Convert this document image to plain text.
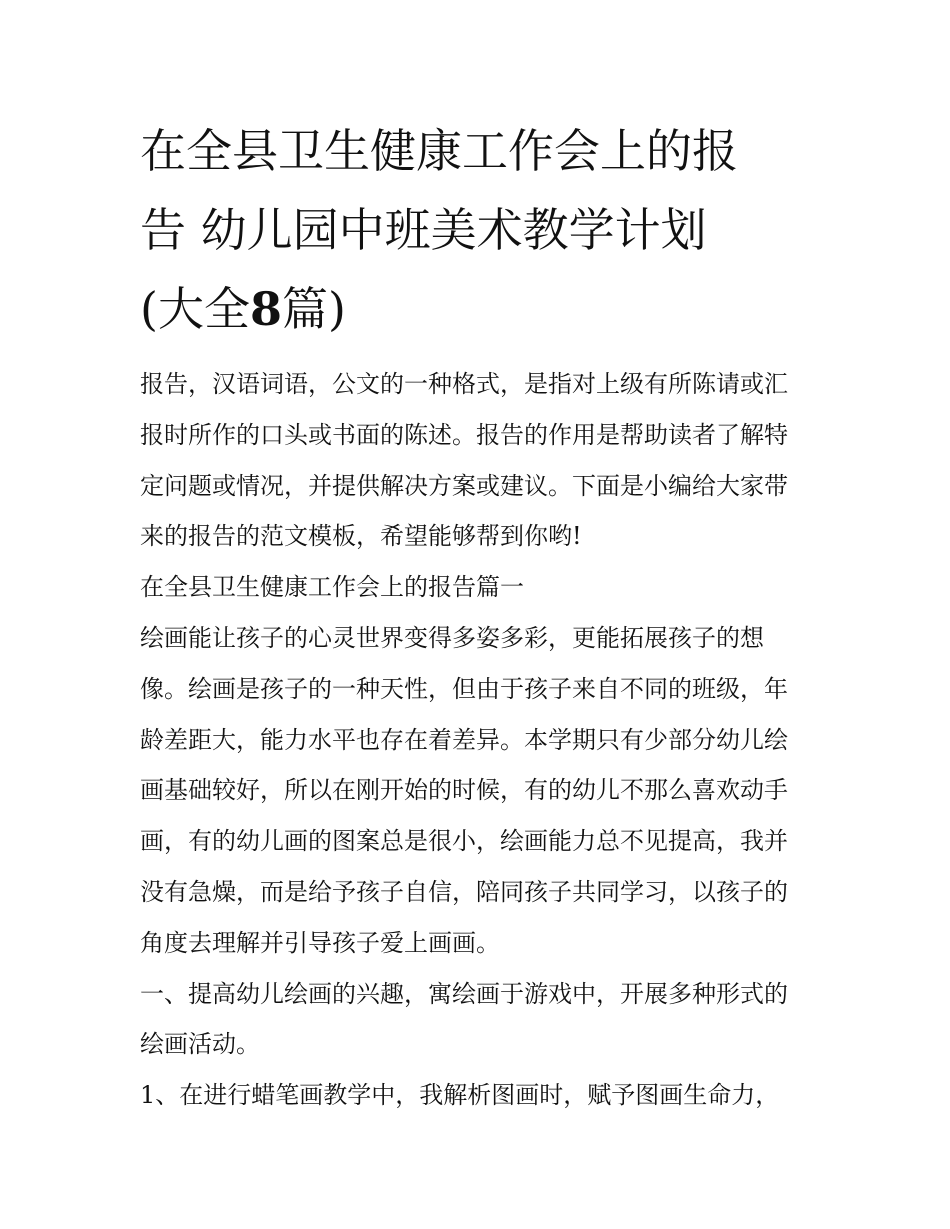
在全县卫生健康工作会上的报
告 幼儿园中班美术教学计划
(大全8篇)
报告，汉语词语，公文的一种格式，是指对上级有所陈请或汇
报时所作的口头或书面的陈述。报告的作用是帮助读者了解特
定问题或情况，并提供解决方案或建议。下面是小编给大家带
来的报告的范文模板，希望能够帮到你哟!
在全县卫生健康工作会上的报告篇一
绘画能让孩子的心灵世界变得多姿多彩，更能拓展孩子的想
像。绘画是孩子的一种天性，但由于孩子来自不同的班级，年
龄差距大，能力水平也存在着差异。本学期只有少部分幼儿绘
画基础较好，所以在刚开始的时候，有的幼儿不那么喜欢动手
画，有的幼儿画的图案总是很小，绘画能力总不见提高，我并
没有急燥，而是给予孩子自信，陪同孩子共同学习，以孩子的
角度去理解并引导孩子爱上画画。
一、提高幼儿绘画的兴趣，寓绘画于游戏中，开展多种形式的
绘画活动。
1、在进行蜡笔画教学中，我解析图画时，赋予图画生命力，
